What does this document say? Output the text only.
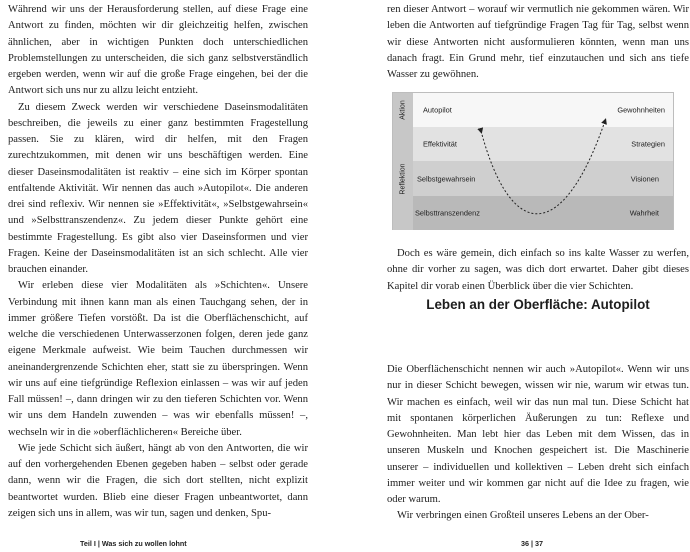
Während wir uns der Herausforderung stellen, auf diese Frage eine Antwort zu finden, möchten wir dir gleichzeitig helfen, zwischen ähnlichen, aber in wichtigen Punkten doch unterschiedlichen Problemstellungen zu unterscheiden, die sich ganz selbstverständlich ergeben werden, wenn wir auf die große Frage eingehen, bei der die Antwort sich uns nur zu allzu leicht entzieht.

Zu diesem Zweck werden wir verschiedene Daseinsmodalitäten beschreiben, die jeweils zu einer ganz bestimmten Fragestellung passen. Sie zu klären, wird dir helfen, mit den Fragen zurechtzukommen, mit denen wir uns beschäftigen werden. Eine dieser Daseinsmodalitäten ist reaktiv – eine sich im Körper spontan entfaltende Aktivität. Wir nennen das auch »Autopilot«. Die anderen drei sind reflexiv. Wir nennen sie »Effektivität«, »Selbstgewahrsein« und »Selbsttranszendenz«. Zu jedem dieser Punkte gehört eine bestimmte Fragestellung. Es gibt also vier Daseinsformen und vier Fragen. Keine der Daseinsmodalitäten ist an sich schlecht. Alle vier brauchen einander.

Wir erleben diese vier Modalitäten als »Schichten«. Unsere Verbindung mit ihnen kann man als einen Tauchgang sehen, der in immer größere Tiefen vorstößt. Da ist die Oberflächenschicht, auf welche die verschiedenen Unterwasserzonen folgen, deren jede ganz eigene Merkmale aufweist. Wie beim Tauchen durchmessen wir aneinandergrenzende Schichten eher, statt sie zu überspringen. Wenn wir uns auf eine tiefgründige Reflexion einlassen – was wir auf jeden Fall müssen! –, dann dringen wir zu den tieferen Schichten vor. Wenn wir uns dem Handeln zuwenden – was wir ebenfalls müssen! –, wechseln wir in die »oberflächlicheren« Bereiche über.

Wie jede Schicht sich äußert, hängt ab von den Antworten, die wir auf den vorhergehenden Ebenen gegeben haben – selbst oder gerade dann, wenn wir die Fragen, die sich dort stellten, nicht explizit beantwortet wurden. Blieb eine dieser Fragen unbeantwortet, dann zeigen sich uns in allem, was wir tun, sagen und denken, Spu-

Teil I | Was sich zu wollen lohnt

ren dieser Antwort – worauf wir vermutlich nie gekommen wären. Wir leben die Antworten auf tiefgründige Fragen Tag für Tag, selbst wenn wir diese Antworten nicht ausformulieren könnten, wenn man uns danach fragt. Ein Grund mehr, tief einzutauchen und sich ans tiefe Wasser zu gewöhnen.

Aktion
Reflektion
Autopilot	Gewohnheiten
Effektivität	Strategien
Selbstgewahrsein	Visionen
Selbsttranszendenz	Wahrheit

Doch es wäre gemein, dich einfach so ins kalte Wasser zu werfen, ohne dir vorher zu sagen, was dich dort erwartet. Daher gibt dieses Kapitel dir vorab einen Überblick über die vier Schichten.

Leben an der Oberfläche: Autopilot

Die Oberflächenschicht nennen wir auch »Autopilot«. Wenn wir uns nur in dieser Schicht bewegen, wissen wir nie, warum wir etwas tun. Wir machen es einfach, weil wir das nun mal tun. Diese Schicht hat mit spontanen körperlichen Äußerungen zu tun: Reflexe und Gewohnheiten. Man lebt hier das Leben mit dem Wissen, das in unseren Muskeln und Knochen gespeichert ist. Die Maschinerie unserer – individuellen und kollektiven – Leben dreht sich einfach immer weiter und wir kommen gar nicht auf die Idee zu fragen, wie oder warum.

Wir verbringen einen Großteil unseres Lebens an der Ober-

36 | 37
